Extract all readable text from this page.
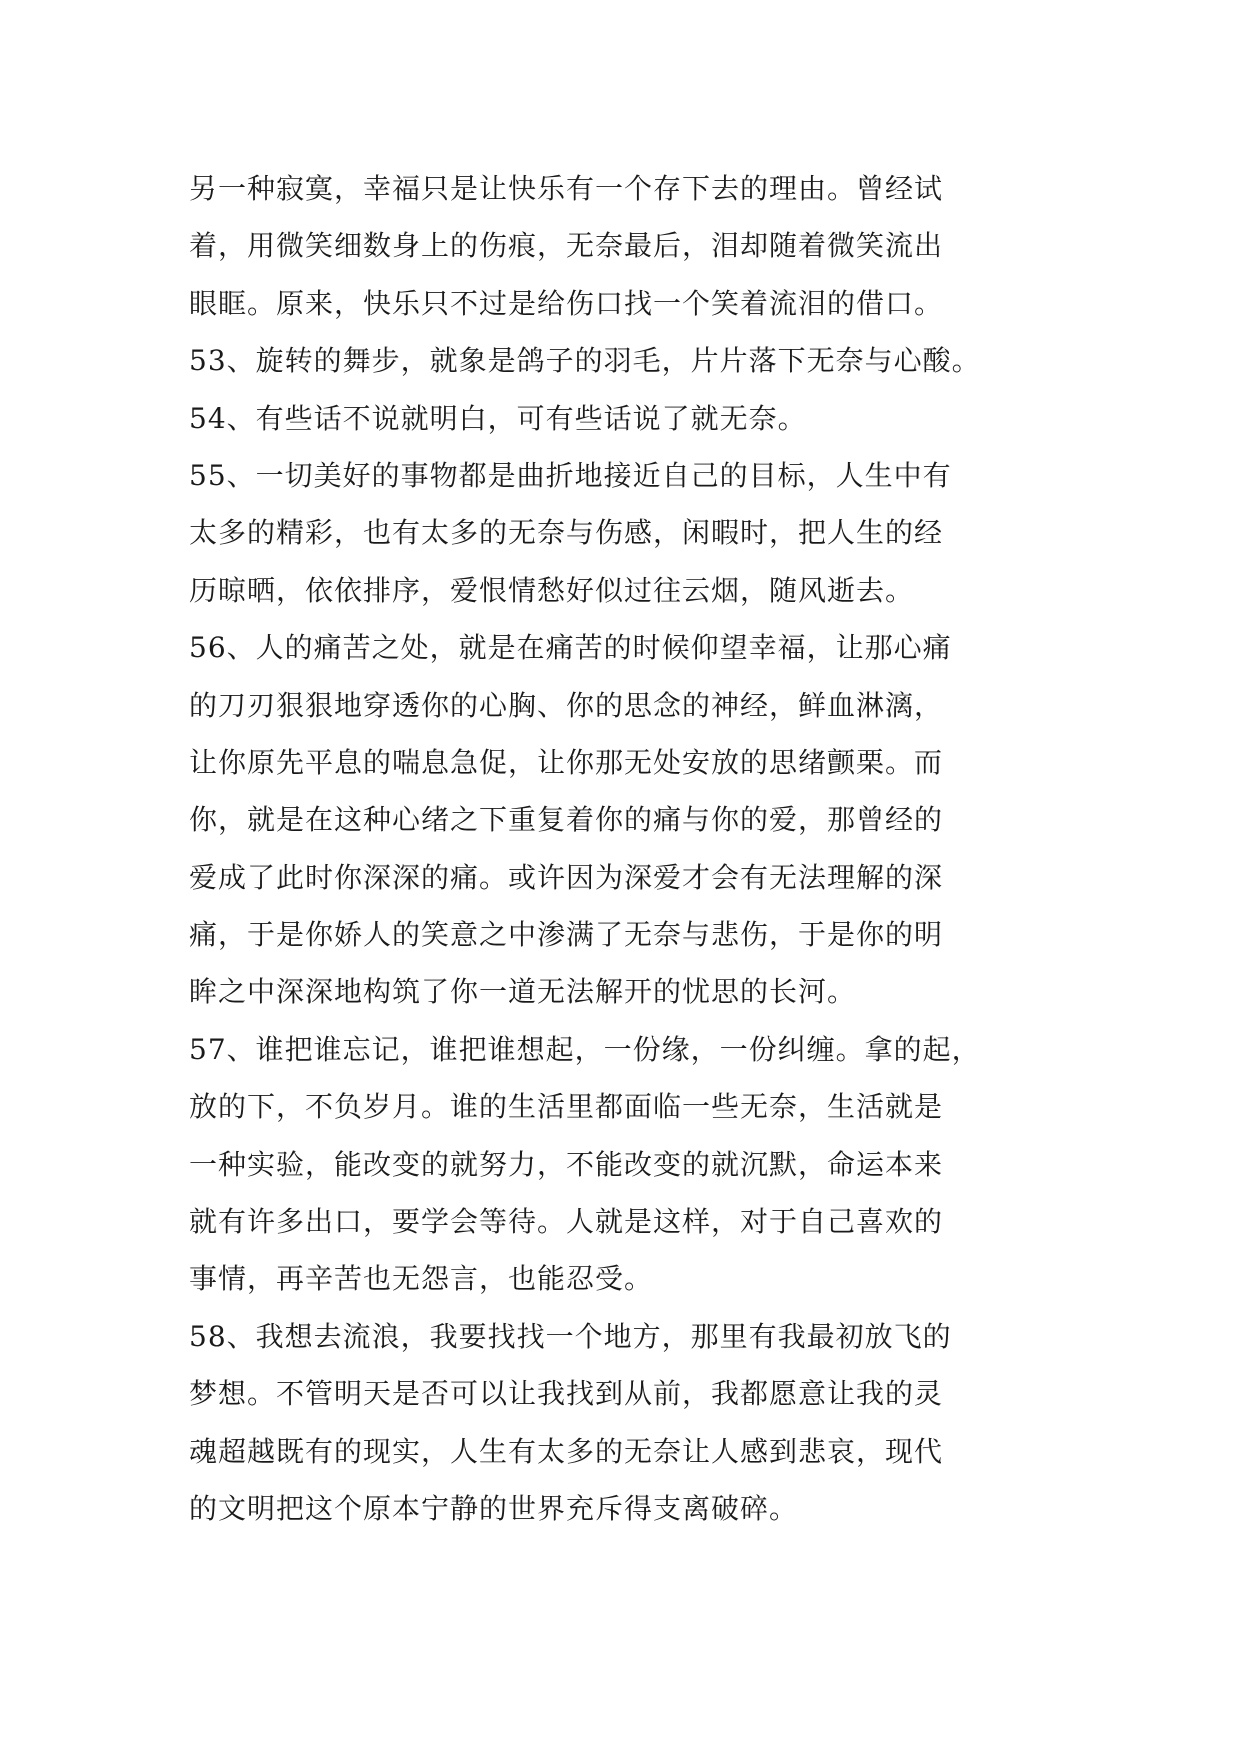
另一种寂寞，幸福只是让快乐有一个存下去的理由。曾经试
着，用微笑细数身上的伤痕，无奈最后，泪却随着微笑流出
眼眶。原来，快乐只不过是给伤口找一个笑着流泪的借口。
53、旋转的舞步，就象是鸽子的羽毛，片片落下无奈与心酸。
54、有些话不说就明白，可有些话说了就无奈。
55、一切美好的事物都是曲折地接近自己的目标，人生中有
太多的精彩，也有太多的无奈与伤感，闲暇时，把人生的经
历晾晒，依依排序，爱恨情愁好似过往云烟，随风逝去。
56、人的痛苦之处，就是在痛苦的时候仰望幸福，让那心痛
的刀刃狠狠地穿透你的心胸、你的思念的神经，鲜血淋漓，
让你原先平息的喘息急促，让你那无处安放的思绪颤栗。而
你，就是在这种心绪之下重复着你的痛与你的爱，那曾经的
爱成了此时你深深的痛。或许因为深爱才会有无法理解的深
痛，于是你娇人的笑意之中渗满了无奈与悲伤，于是你的明
眸之中深深地构筑了你一道无法解开的忧思的长河。
57、谁把谁忘记，谁把谁想起，一份缘，一份纠缠。拿的起，
放的下，不负岁月。谁的生活里都面临一些无奈，生活就是
一种实验，能改变的就努力，不能改变的就沉默，命运本来
就有许多出口，要学会等待。人就是这样，对于自己喜欢的
事情，再辛苦也无怨言，也能忍受。
58、我想去流浪，我要找找一个地方，那里有我最初放飞的
梦想。不管明天是否可以让我找到从前，我都愿意让我的灵
魂超越既有的现实，人生有太多的无奈让人感到悲哀，现代
的文明把这个原本宁静的世界充斥得支离破碎。
